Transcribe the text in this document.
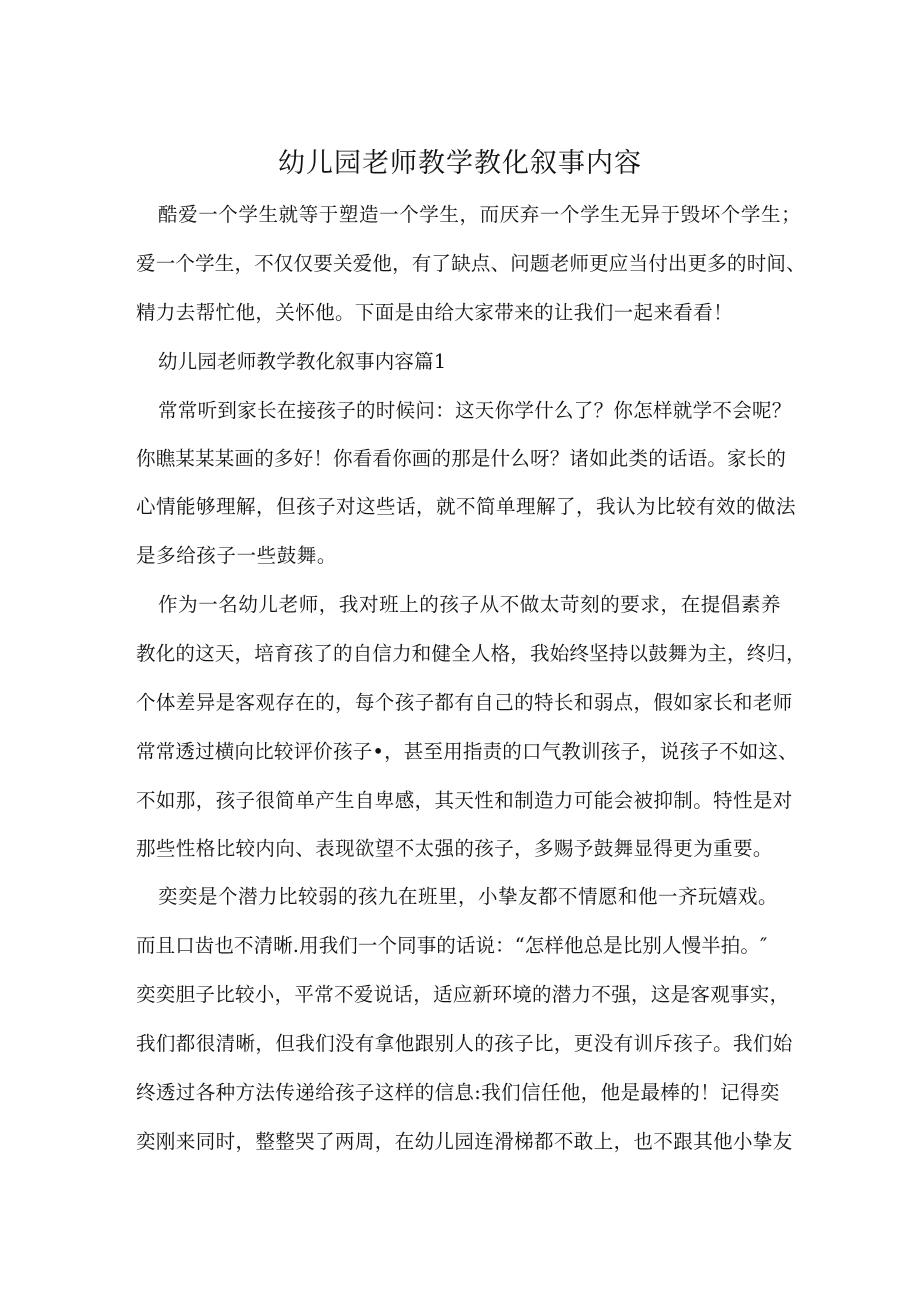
幼儿园老师教学教化叙事内容

酷爱一个学生就等于塑造一个学生，而厌弃一个学生无异于毁坏个学生；

爱一个学生，不仅仅要关爱他，有了缺点、问题老师更应当付出更多的时间、

精力去帮忙他，关怀他。下面是由给大家带来的让我们一起来看看！

幼儿园老师教学教化叙事内容篇1

常常听到家长在接孩子的时候问：这天你学什么了？你怎样就学不会呢？

你瞧某某某画的多好！你看看你画的那是什么呀？诸如此类的话语。家长的

心情能够理解，但孩子对这些话，就不简单理解了，我认为比较有效的做法

是多给孩子一些鼓舞。

作为一名幼儿老师，我对班上的孩子从不做太苛刻的要求，在提倡素养

教化的这天，培育孩了的自信力和健全人格，我始终坚持以鼓舞为主，终归，

个体差异是客观存在的，每个孩子都有自己的特长和弱点，假如家长和老师

常常透过横向比较评价孩子•，甚至用指责的口气教训孩子，说孩子不如这、

不如那，孩子很简单产生自卑感，其天性和制造力可能会被抑制。特性是对

那些性格比较内向、表现欲望不太强的孩子，多赐予鼓舞显得更为重要。

奕奕是个潜力比较弱的孩九在班里，小挚友都不情愿和他一齐玩嬉戏。

而且口齿也不清晰.用我们一个同事的话说：“怎样他总是比别人慢半拍。″

奕奕胆子比较小，平常不爱说话，适应新环境的潜力不强，这是客观事实，

我们都很清晰，但我们没有拿他跟别人的孩子比，更没有训斥孩子。我们始

终透过各种方法传递给孩子这样的信息:我们信任他，他是最棒的！记得奕

奕刚来同时，整整哭了两周，在幼儿园连滑梯都不敢上，也不跟其他小挚友
